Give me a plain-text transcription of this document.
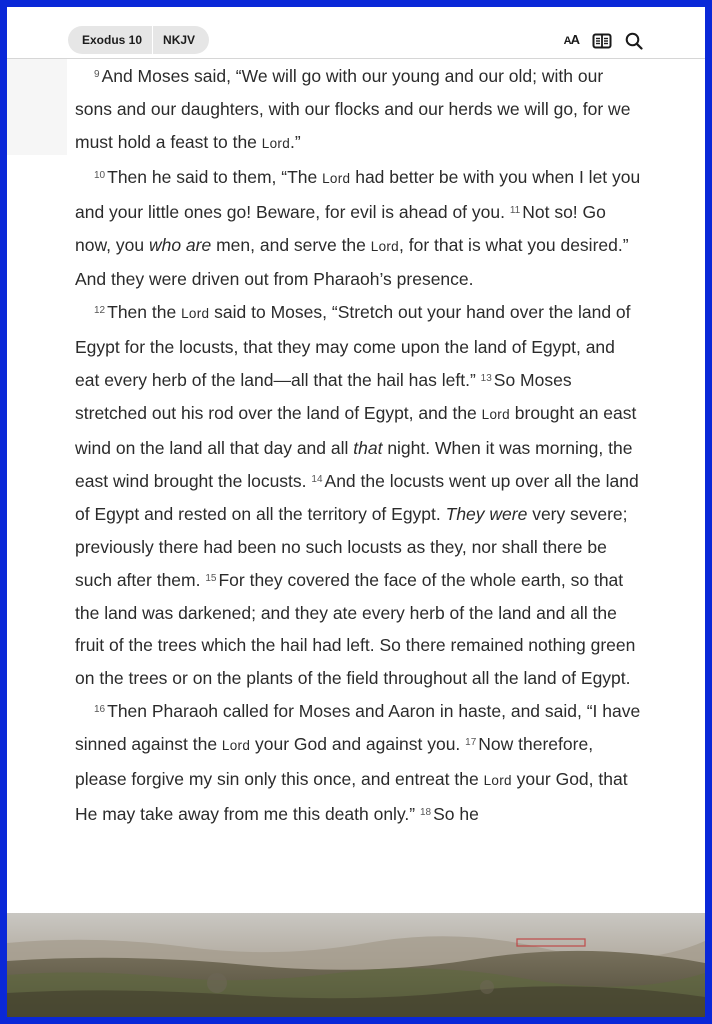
Exodus 10	NKJV	AA

$^9$ And Moses said, “We will go with our young and our old; with our sons and our daughters, with our flocks and our herds we will go, for we must hold a feast to the Lord.”

$^{10}$ Then he said to them, “The Lord had better be with you when I let you and your little ones go! Beware, for evil is ahead of you. $^{11}$ Not so! Go now, you who are men, and serve the Lord, for that is what you desired.” And they were driven out from Pharaoh’s presence.

$^{12}$ Then the Lord said to Moses, “Stretch out your hand over the land of Egypt for the locusts, that they may come upon the land of Egypt, and eat every herb of the land—all that the hail has left.” $^{13}$ So Moses stretched out his rod over the land of Egypt, and the Lord brought an east wind on the land all that day and all that night. When it was morning, the east wind brought the locusts. $^{14}$ And the locusts went up over all the land of Egypt and rested on all the territory of Egypt. They were very severe; previously there had been no such locusts as they, nor shall there be such after them. $^{15}$ For they covered the face of the whole earth, so that the land was darkened; and they ate every herb of the land and all the fruit of the trees which the hail had left. So there remained nothing green on the trees or on the plants of the field throughout all the land of Egypt.

$^{16}$ Then Pharaoh called for Moses and Aaron in haste, and said, “I have sinned against the Lord your God and against you. $^{17}$ Now therefore, please forgive my sin only this once, and entreat the Lord your God, that He may take away from me this death only.” $^{18}$ So he
